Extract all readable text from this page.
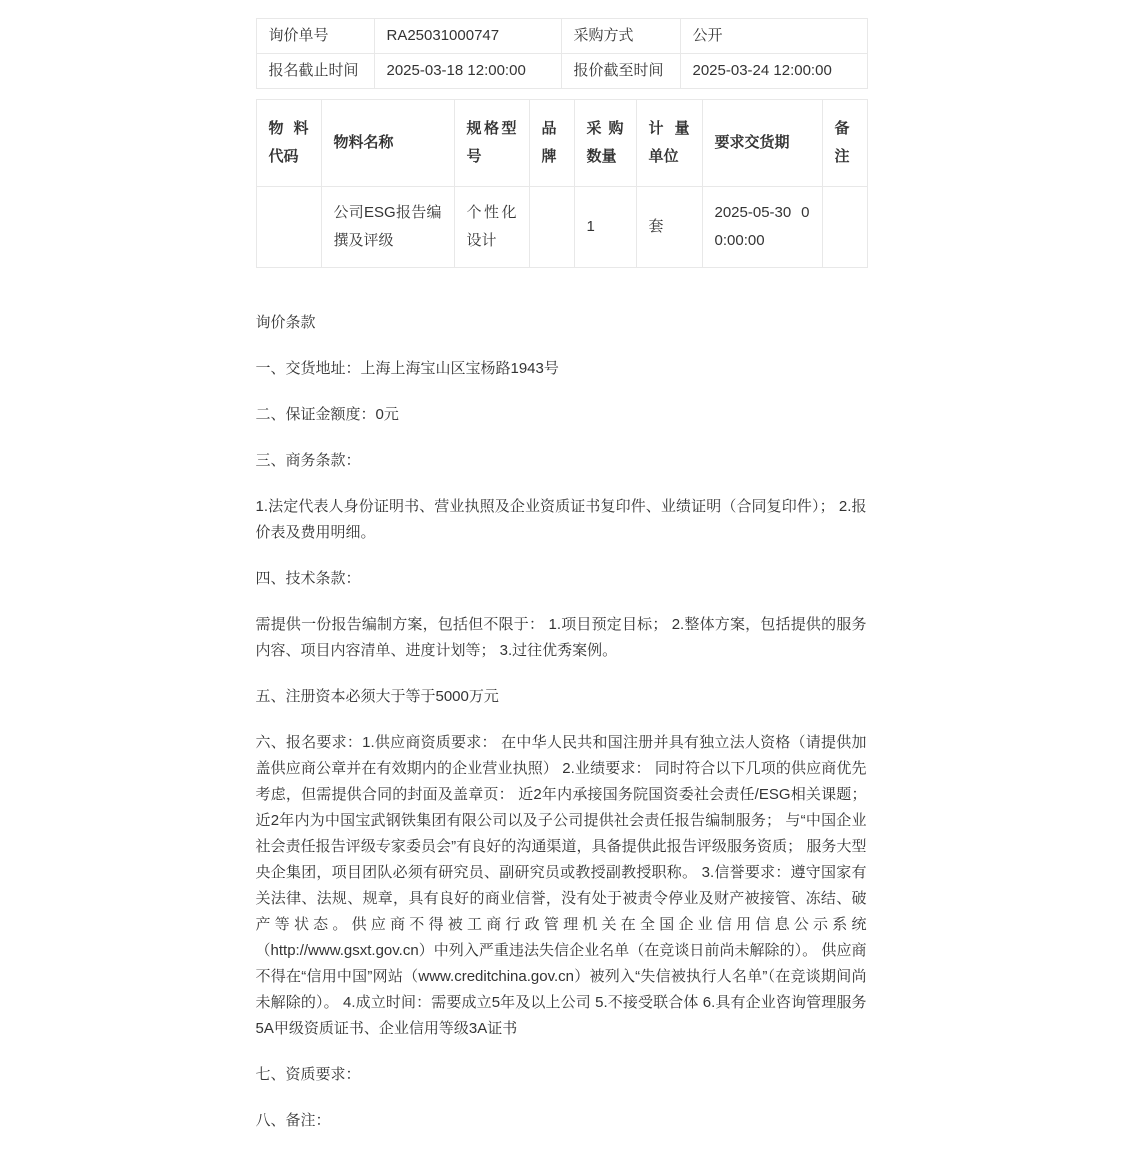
询价单号	RA25031000747	采购方式	公开
报名截止时间	2025-03-18 12:00:00	报价截至时间	2025-03-24 12:00:00
物料代码	物料名称	规格型号	品牌	采购数量	计量单位	要求交货期	备注
	公司ESG报告编撰及评级	个性化设计		1	套	2025-05-30 00:00:00	

询价条款

一、交货地址：上海上海宝山区宝杨路1943号

二、保证金额度：0元

三、商务条款：

1.法定代表人身份证明书、营业执照及企业资质证书复印件、业绩证明（合同复印件）； 2.报价表及费用明细。

四、技术条款：

需提供一份报告编制方案，包括但不限于： 1.项目预定目标； 2.整体方案，包括提供的服务内容、项目内容清单、进度计划等； 3.过往优秀案例。

五、注册资本必须大于等于5000万元

六、报名要求：1.供应商资质要求： 在中华人民共和国注册并具有独立法人资格（请提供加盖供应商公章并在有效期内的企业营业执照） 2.业绩要求： 同时符合以下几项的供应商优先考虑，但需提供合同的封面及盖章页： 近2年内承接国务院国资委社会责任/ESG相关课题； 近2年内为中国宝武钢铁集团有限公司以及子公司提供社会责任报告编制服务； 与“中国企业社会责任报告评级专家委员会”有良好的沟通渠道，具备提供此报告评级服务资质； 服务大型央企集团，项目团队必须有研究员、副研究员或教授副教授职称。 3.信誉要求：遵守国家有关法律、法规、规章，具有良好的商业信誉，没有处于被责令停业及财产被接管、冻结、破产等状态。供应商不得被工商行政管理机关在全国企业信用信息公示系统（http://www.gsxt.gov.cn）中列入严重违法失信企业名单（在竞谈日前尚未解除的）。 供应商不得在“信用中国”网站（www.creditchina.gov.cn）被列入“失信被执行人名单”（在竞谈期间尚未解除的）。 4.成立时间：需要成立5年及以上公司 5.不接受联合体 6.具有企业咨询管理服务5A甲级资质证书、企业信用等级3A证书

七、资质要求：

八、备注：
